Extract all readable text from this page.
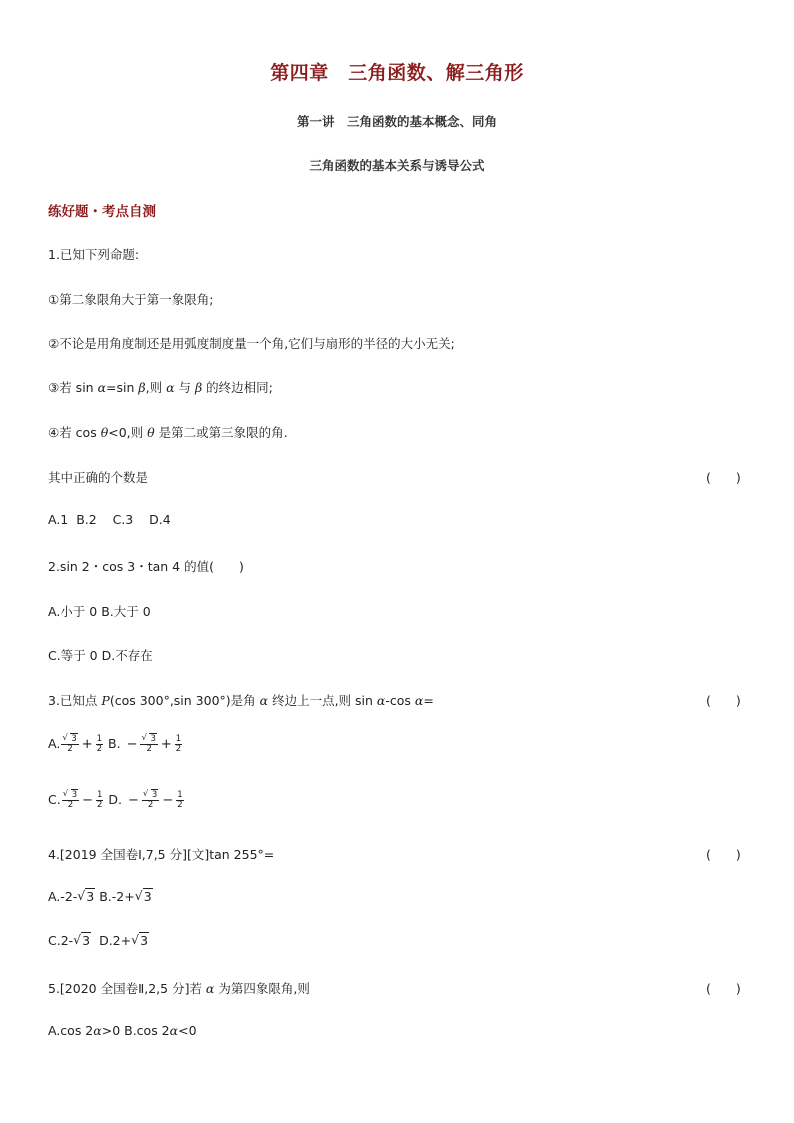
第四章　三角函数、解三角形
第一讲　三角函数的基本概念、同角
三角函数的基本关系与诱导公式
练好题・考点自测
1.已知下列命题:
①第二象限角大于第一象限角;
②不论是用角度制还是用弧度制度量一个角,它们与扇形的半径的大小无关;
③若 sin α=sin β,则 α 与 β 的终边相同;
④若 cos θ<0,则 θ 是第二或第三象限的角.
其中正确的个数是	(　　)
A.1  B.2    C.3    D.4
2.sin 2・cos 3・tan 4 的值(　　)
A.小于 0 B.大于 0
C.等于 0 D.不存在
3.已知点 P(cos 300°,sin 300°)是角 α 终边上一点,则 sin α-cos α=	(　　)
A. √ $\frac{3}{2} + \frac{1}{2} B$. − √ $\frac{3}{2} + \frac{1}{2}$
C. √ $\frac{3}{2} - \frac{1}{2} D$. − √ $\frac{3}{2} - \frac{1}{2}$
4.[2019 全国卷Ⅰ,7,5 分][文]tan 255°=	(　　)
A.-2- √ 3 B.-2+ √ 3
C.2- √ 3  D.2+ √ 3
5.[2020 全国卷Ⅱ,2,5 分]若 α 为第四象限角,则	(　　)
A.cos 2α>0 B.cos 2α<0
